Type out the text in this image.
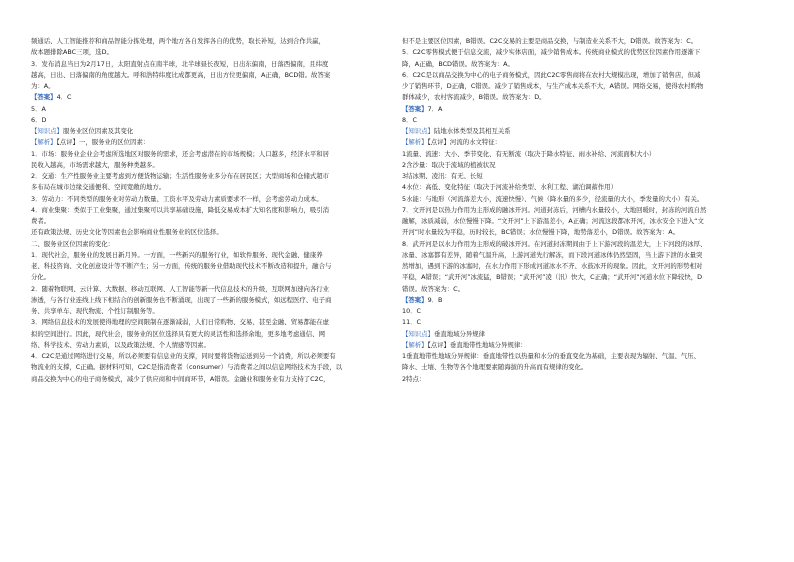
频通话、人工智能推荐和商品智能分拣处理，两个地方各自发挥各自的优势，取长补短，达到合作共赢，
故本题排除ABC三项，选D。
3．发布消息当日为2月17日，太阳直射点在南半球，北半球昼长夜短，日出东偏南，日落西偏南，且纬度
越高，日出、日落偏南的角度越大。呼和浩特纬度比成都更高，日出方位更偏南，A正确，BCD错。故答案
为：A。
【答案】4．C
5．A
6．D
【知识点】服务业区位因素及其变化
【解析】【点评】一，服务业的区位因素：
1．市场：服务业企业会考虑所选地区对服务的需求，还会考虑潜在的市场规模；人口越多，经济水平和居
民收入越高，市场需求越大，服务种类越多。
2．交通：生产性服务业主要考虑到方便货物运输；生活性服务业多分布在居民区；大型商场和仓储式超市
多布局在城市边缘交通便利、空间宽敞的地方。
3．劳动力：不同类型的服务业对劳动力数量、工资水平及劳动力素质要求不一样，会考虑劳动力成本。
4．商业集聚：类似于工业集聚，通过集聚可以共享基础设施，降低交易成本扩大知名度和影响力，吸引消
费者。
还有政策法规、历史文化等因素也会影响商业性服务业的区位选择。
二、服务业区位因素的变化：
1．现代社会，服务业的发展日新月异。一方面，一些新兴的服务行业，如软件服务、现代金融、健康养
老、科技咨询、文化创意设计等不断产生；另一方面，传统的服务业借助现代技术不断改造和提升，融合与
分化。
2．随着物联网、云计算、大数据、移动互联网、人工智能等新一代信息技术的升级，互联网加速向各行业
渗透，与各行业连线上线下相结合的创新服务也不断涌现，出现了一些新的服务模式，如远程医疗、电子商
务、共享单车、现代物流、个性订制服务等。
3．网络信息技术的发展使得地理的空间限制在逐渐减弱，人们日常购物、交易、甚至金融、贸易都能在虚
拟的空间进行。因此，现代社会，服务业的区位选择具有更大的灵活性和选择余地，更多地考虑通信、网
络、科学技术、劳动力素质，以及政策法规、个人情感等因素。
4．C2C是通过网络进行交易，所以必须要有信息业的支撑，同时要将货物运送到另一个消费，所以必须要有
物流业的支撑，C正确。据材料可知，C2C是指消费者（consumer）与消费者之间以信息网络技术为手段，以
商品交换为中心的电子商务模式，减少了供应商和中间商环节，A错误。金融业和服务业有力支持了C2C，
但不是主要区位因素，B错误。C2C交易的主要是商品交换，与制造业关系不大，D错误。故答案为：C。
5．C2C零售模式便于信息交流，减少实体店面，减少销售成本。传统商业模式的优势区位因素作用逐渐下
降，A正确，BCD错误。故答案为：A。
6．C2C是以商品交换为中心的电子商务模式，因此C2C零售商将在农村大规模出现，增加了销售店，但减
少了销售环节，D正确，C错误。减少了销售成本，与生产成本关系不大，A错误。网络交易，使得农村购物
群体减少，农村客流减少，B错误。故答案为：D。
【答案】7．A
8．C
【知识点】陆地水体类型及其相互关系
【解析】【点评】河流的水文特征：
1流量、流速：大小、季节变化、有无断流（取决于降水特征、雨水补给、河流面积大小）
2含沙量：取决于流域的植被状况
3结冰期、凌汛：有无、长短
4水位：高低、变化特征（取决于河流补给类型、水利工程、湖泊调蓄作用）
5水能：与地形（河流落差大小，流速快慢）、气候（降水量的多少，径流量的大小，季发量的大小）有关。
7．文开河是以热力作用为主形成的融冰开河。河道封冻后，河槽内水量较小，大地回暖时，封冻的河流自然
融解，冰质减弱，水位慢慢下降。“文开河”上下游温差小，A正确；河流这段都冰开河，冰水安全下进入“文
开河”时水量较为平稳，历时较长，BC错误；水位慢慢下降，地势落差小，D错误。故答案为：A。
8．武开河是以水力作用为主形成的破冰开河。在河道封冻期间由于上下游河段的温差大，上下河段的冰厚、
冰量、冰塞都有差异，随着气温升高，上游河道先行解冻，而下段河道冰体仍然坚固，当上游下泄的水量突
然增加，遇到下游的冰塞时，在水力作用下形成河道冰水不齐、水鼓冰开的现象。因此，文开河的形势相对
平稳，A错误；“武开河”冰流猛，B错误；“武开河”凌（汛）快大，C正确；“武开河”河道水位下降较快，D
错误。故答案为：C。
【答案】9．B
10．C
11．C
【知识点】垂直地域分异规律
【解析】【点评】垂直地带性地域分异规律：
1垂直地带性地域分异规律：垂直地带性以热量和水分的垂直变化为基础，主要表现为辐射、气温、气压、
降水、土壤、生物等各个地理要素随海拔的升高而有规律的变化。
2特点：
